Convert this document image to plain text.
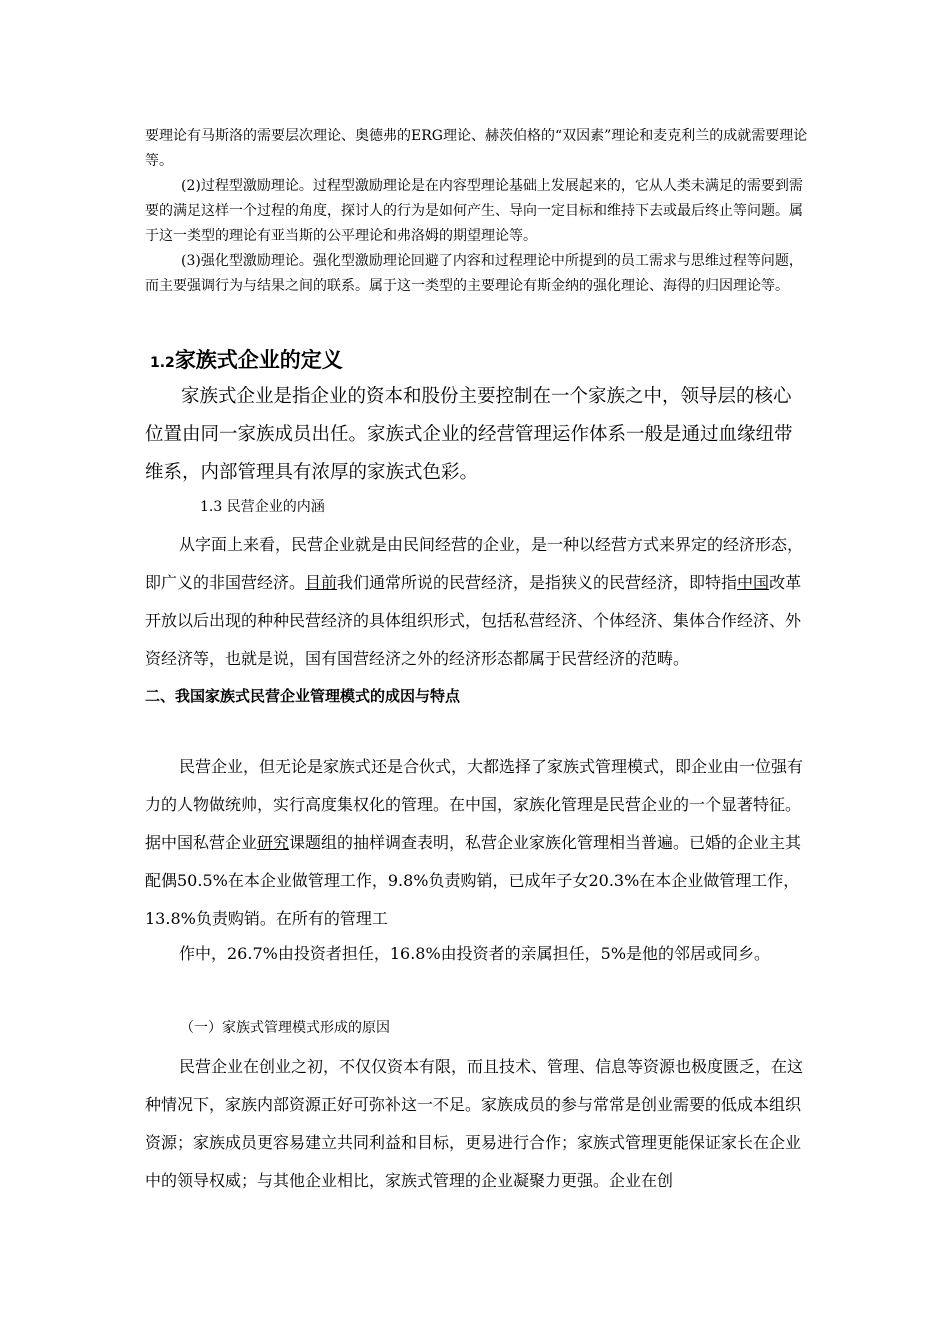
要理论有马斯洛的需要层次理论、奥德弗的ERG理论、赫茨伯格的“双因素”理论和麦克利兰的成就需要理论等。

(2)过程型激励理论。过程型激励理论是在内容型理论基础上发展起来的，它从人类未满足的需要到需要的满足这样一个过程的角度，探讨人的行为是如何产生、导向一定目标和维持下去或最后终止等问题。属于这一类型的理论有亚当斯的公平理论和弗洛姆的期望理论等。

(3)强化型激励理论。强化型激励理论回避了内容和过程理论中所提到的员工需求与思维过程等问题，而主要强调行为与结果之间的联系。属于这一类型的主要理论有斯金纳的强化理论、海得的归因理论等。

1.2家族式企业的定义

家族式企业是指企业的资本和股份主要控制在一个家族之中，领导层的核心位置由同一家族成员出任。家族式企业的经营管理运作体系一般是通过血缘纽带维系，内部管理具有浓厚的家族式色彩。

1.3 民营企业的内涵

从字面上来看，民营企业就是由民间经营的企业，是一种以经营方式来界定的经济形态，即广义的非国营经济。目前我们通常所说的民营经济，是指狭义的民营经济，即特指中国改革开放以后出现的种种民营经济的具体组织形式，包括私营经济、个体经济、集体合作经济、外资经济等，也就是说，国有国营经济之外的经济形态都属于民营经济的范畴。

二、我国家族式民营企业管理模式的成因与特点

民营企业，但无论是家族式还是合伙式，大都选择了家族式管理模式，即企业由一位强有力的人物做统帅，实行高度集权化的管理。在中国，家族化管理是民营企业的一个显著特征。据中国私营企业研究课题组的抽样调查表明，私营企业家族化管理相当普遍。已婚的企业主其配偶50.5%在本企业做管理工作，9.8%负责购销，已成年子女20.3%在本企业做管理工作，13.8%负责购销。在所有的管理工

作中，26.7%由投资者担任，16.8%由投资者的亲属担任，5%是他的邻居或同乡。

（一）家族式管理模式形成的原因

民营企业在创业之初，不仅仅资本有限，而且技术、管理、信息等资源也极度匮乏，在这种情况下，家族内部资源正好可弥补这一不足。家族成员的参与常常是创业需要的低成本组织资源；家族成员更容易建立共同利益和目标，更易进行合作；家族式管理更能保证家长在企业中的领导权威；与其他企业相比，家族式管理的企业凝聚力更强。企业在创
